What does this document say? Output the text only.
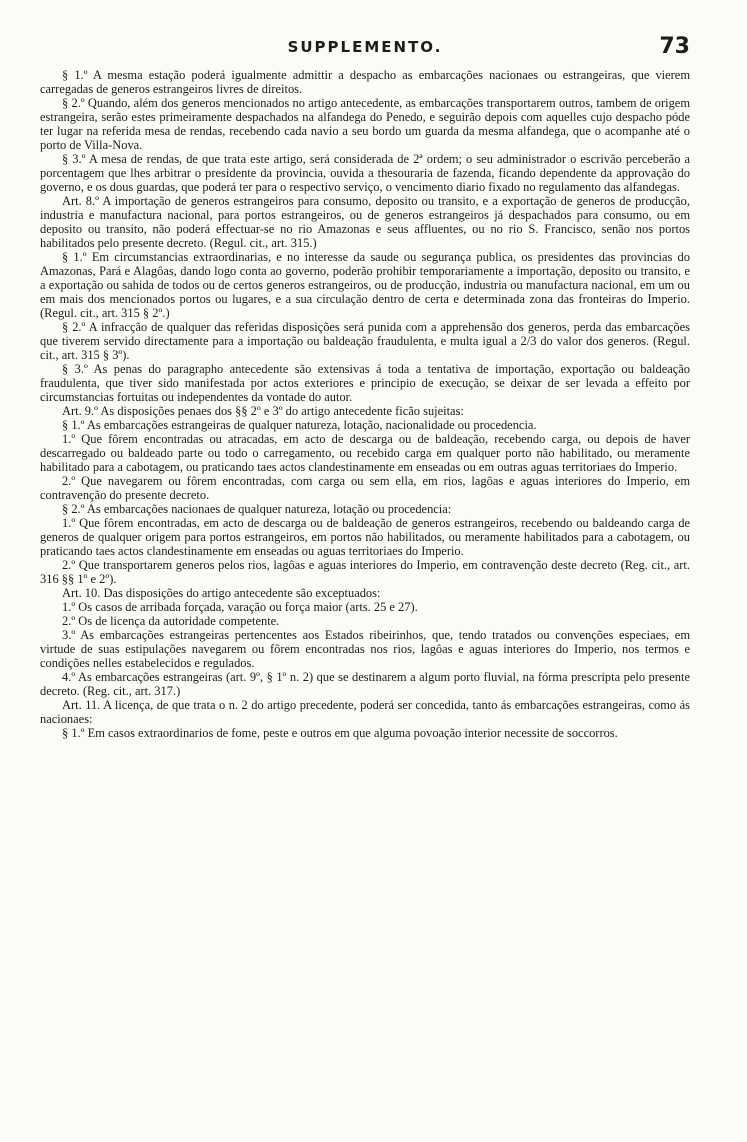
SUPPLEMENTO.	73

§ 1.º A mesma estação poderá igualmente admittir a despacho as embarcações nacionaes ou estrangeiras, que vierem carregadas de generos estrangeiros livres de direitos.

§ 2.º Quando, além dos generos mencionados no artigo antecedente, as embarcações transportarem outros, tambem de origem estrangeira, serão estes primeiramente despachados na alfandega do Penedo, e seguirão depois com aquelles cujo despacho póde ter lugar na referida mesa de rendas, recebendo cada navio a seu bordo um guarda da mesma alfandega, que o acompanhe até o porto de Villa-Nova.

§ 3.º A mesa de rendas, de que trata este artigo, será considerada de 2ª ordem; o seu administrador o escrivão perceberão a porcentagem que lhes arbitrar o presidente da provincia, ouvida a thesouraria de fazenda, ficando dependente da approvação do governo, e os dous guardas, que poderá ter para o respectivo serviço, o vencimento diario fixado no regulamento das alfandegas.

Art. 8.º A importação de generos estrangeiros para consumo, deposito ou transito, e a exportação de generos de producção, industria e manufactura nacional, para portos estrangeiros, ou de generos estrangeiros já despachados para consumo, ou em deposito ou transito, não poderá effectuar-se no rio Amazonas e seus affluentes, ou no rio S. Francisco, senão nos portos habilitados pelo presente decreto. (Regul. cit., art. 315.)

§ 1.º Em circumstancias extraordinarias, e no interesse da saude ou segurança publica, os presidentes das provincias do Amazonas, Pará e Alagôas, dando logo conta ao governo, poderão prohibir temporariamente a importação, deposito ou transito, e a exportação ou sahida de todos ou de certos generos estrangeiros, ou de producção, industria ou manufactura nacional, em um ou em mais dos mencionados portos ou lugares, e a sua circulação dentro de certa e determinada zona das fronteiras do Imperio. (Regul. cit., art. 315 § 2º.)

§ 2.º A infracção de qualquer das referidas disposições será punida com a apprehensão dos generos, perda das embarcações que tiverem servido directamente para a importação ou baldeação fraudulenta, e multa igual a 2/3 do valor dos generos. (Regul. cit., art. 315 § 3º).

§ 3.º As penas do paragrapho antecedente são extensivas á toda a tentativa de importação, exportação ou baldeação fraudulenta, que tiver sido manifestada por actos exteriores e principio de execução, se deixar de ser levada a effeito por circumstancias fortuitas ou independentes da vontade do autor.

Art. 9.º As disposições penaes dos §§ 2º e 3º do artigo antecedente ficão sujeitas:

§ 1.º As embarcações estrangeiras de qualquer natureza, lotação, nacionalidade ou procedencia.

1.º Que fôrem encontradas ou atracadas, em acto de descarga ou de baldeação, recebendo carga, ou depois de haver descarregado ou baldeado parte ou todo o carregamento, ou recebido carga em qualquer porto não habilitado, ou meramente habilitado para a cabotagem, ou praticando taes actos clandestinamente em enseadas ou em outras aguas territoriaes do Imperio.

2.º Que navegarem ou fôrem encontradas, com carga ou sem ella, em rios, lagôas e aguas interiores do Imperio, em contravenção do presente decreto.

§ 2.º As embarcações nacionaes de qualquer natureza, lotação ou procedencia:

1.º Que fôrem encontradas, em acto de descarga ou de baldeação de generos estrangeiros, recebendo ou baldeando carga de generos de qualquer origem para portos estrangeiros, em portos não habilitados, ou meramente habilitados para a cabotagem, ou praticando taes actos clandestinamente em enseadas ou aguas territoriaes do Imperio.

2.º Que transportarem generos pelos rios, lagôas e aguas interiores do Imperio, em contravenção deste decreto (Reg. cit., art. 316 §§ 1º e 2º).

Art. 10. Das disposições do artigo antecedente são exceptuados:

1.º Os casos de arribada forçada, varação ou força maior (arts. 25 e 27).

2.º Os de licença da autoridade competente.

3.º As embarcações estrangeiras pertencentes aos Estados ribeirinhos, que, tendo tratados ou convenções especiaes, em virtude de suas estipulações navegarem ou fôrem encontradas nos rios, lagôas e aguas interiores do Imperio, nos termos e condições nelles estabelecidos e regulados.

4.º As embarcações estrangeiras (art. 9º, § 1º n. 2) que se destinarem a algum porto fluvial, na fórma prescripta pelo presente decreto. (Reg. cit., art. 317.)

Art. 11. A licença, de que trata o n. 2 do artigo precedente, poderá ser concedida, tanto ás embarcações estrangeiras, como ás nacionaes:

§ 1.º Em casos extraordinarios de fome, peste e outros em que alguma povoação interior necessite de soccorros.
